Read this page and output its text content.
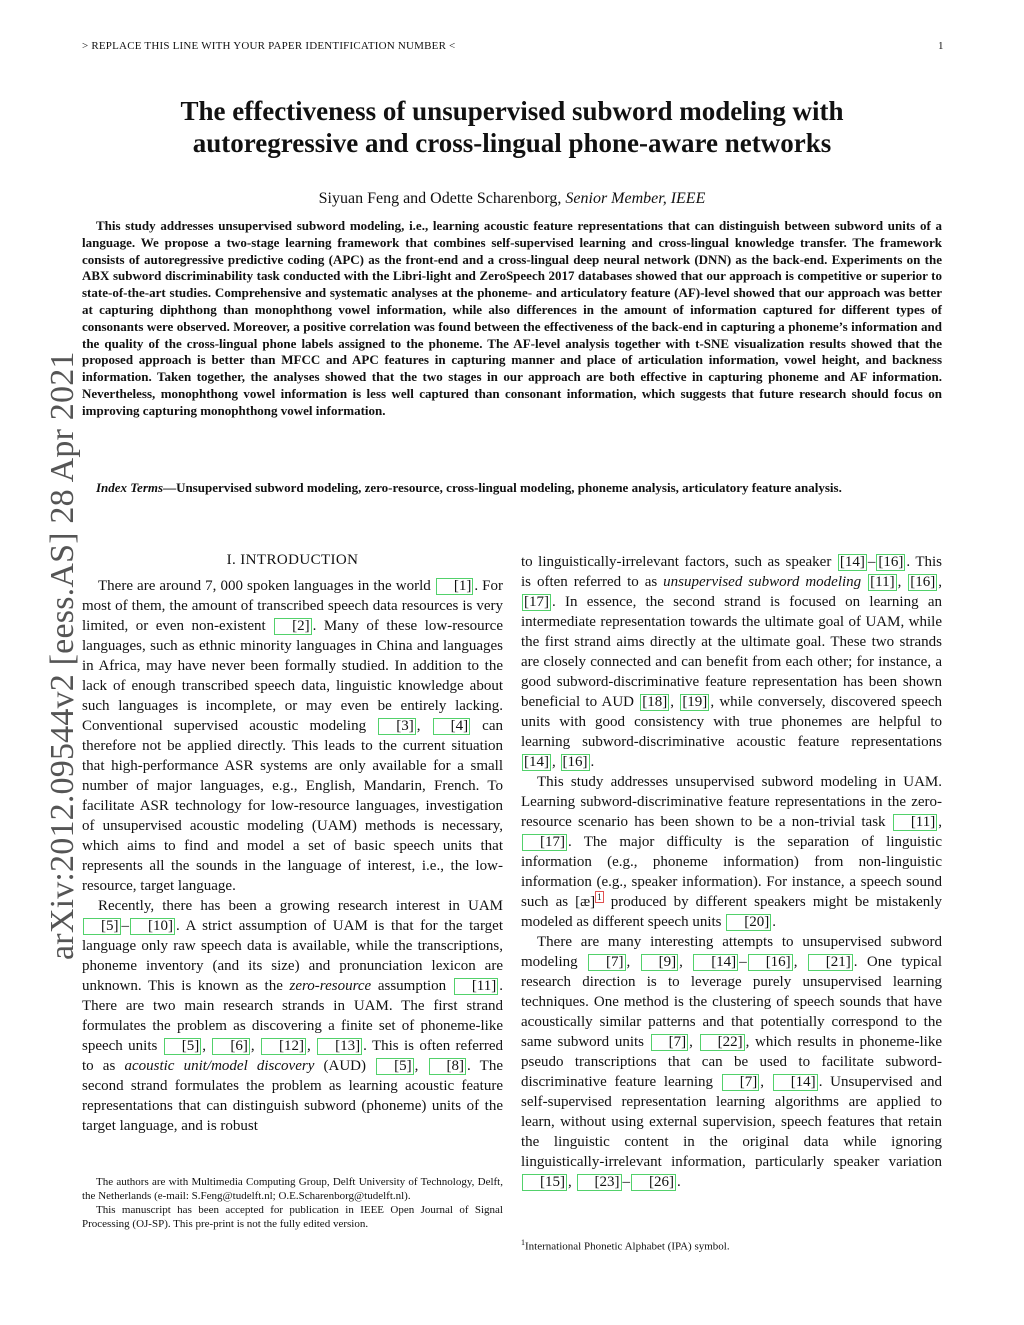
> REPLACE THIS LINE WITH YOUR PAPER IDENTIFICATION NUMBER <	1
arXiv:2012.09544v2 [eess.AS] 28 Apr 2021
The effectiveness of unsupervised subword modeling with
autoregressive and cross-lingual phone-aware networks
Siyuan Feng and Odette Scharenborg, Senior Member, IEEE

This study addresses unsupervised subword modeling, i.e., learning acoustic feature representations that can distinguish between subword units of a language. We propose a two-stage learning framework that combines self-supervised learning and cross-lingual knowledge transfer. The framework consists of autoregressive predictive coding (APC) as the front-end and a cross-lingual deep neural network (DNN) as the back-end. Experiments on the ABX subword discriminability task conducted with the Libri-light and ZeroSpeech 2017 databases showed that our approach is competitive or superior to state-of-the-art studies. Comprehensive and systematic analyses at the phoneme- and articulatory feature (AF)-level showed that our approach was better at capturing diphthong than monophthong vowel information, while also differences in the amount of information captured for different types of consonants were observed. Moreover, a positive correlation was found between the effectiveness of the back-end in capturing a phoneme’s information and the quality of the cross-lingual phone labels assigned to the phoneme. The AF-level analysis together with t-SNE visualization results showed that the proposed approach is better than MFCC and APC features in capturing manner and place of articulation information, vowel height, and backness information. Taken together, the analyses showed that the two stages in our approach are both effective in capturing phoneme and AF information. Nevertheless, monophthong vowel information is less well captured than consonant information, which suggests that future research should focus on improving capturing monophthong vowel information.

Index Terms—Unsupervised subword modeling, zero-resource, cross-lingual modeling, phoneme analysis, articulatory feature analysis.

I. INTRODUCTION

There are around 7, 000 spoken languages in the world [1] . For most of them, the amount of transcribed speech data resources is very limited, or even non-existent [2] . Many of these low-resource languages, such as ethnic minority languages in China and languages in Africa, may have never been formally studied. In addition to the lack of enough transcribed speech data, linguistic knowledge about such languages is incomplete, or may even be entirely lacking. Conventional supervised acoustic modeling [3] , [4] can therefore not be applied directly. This leads to the current situation that high-performance ASR systems are only available for a small number of major languages, e.g., English, Mandarin, French. To facilitate ASR technology for low-resource languages, investigation of unsupervised acoustic modeling (UAM) methods is necessary, which aims to find and model a set of basic speech units that represents all the sounds in the language of interest, i.e., the low-resource, target language.

Recently, there has been a growing research interest in UAM [5] – [10] . A strict assumption of UAM is that for the target language only raw speech data is available, while the transcriptions, phoneme inventory (and its size) and pronunciation lexicon are unknown. This is known as the zero-resource assumption [11] . There are two main research strands in UAM. The first strand formulates the problem as discovering a finite set of phoneme-like speech units [5] , [6] , [12] , [13] . This is often referred to as acoustic unit/model discovery (AUD) [5] , [8] . The second strand formulates the problem as learning acoustic feature representations that can distinguish subword (phoneme) units of the target language, and is robust

to linguistically-irrelevant factors, such as speaker [14] – [16] . This is often referred to as unsupervised subword modeling [11] , [16] , [17] . In essence, the second strand is focused on learning an intermediate representation towards the ultimate goal of UAM, while the first strand aims directly at the ultimate goal. These two strands are closely connected and can benefit from each other; for instance, a good subword-discriminative feature representation has been shown beneficial to AUD [18] , [19] , while conversely, discovered speech units with good consistency with true phonemes are helpful to learning subword-discriminative acoustic feature representations [14] , [16] .

This study addresses unsupervised subword modeling in UAM. Learning subword-discriminative feature representations in the zero-resource scenario has been shown to be a non-trivial task [11] , [17] . The major difficulty is the separation of linguistic information (e.g., phoneme information) from non-linguistic information (e.g., speaker information). For instance, a speech sound such as [æ] $^1$ produced by different speakers might be mistakenly modeled as different speech units [20] .

There are many interesting attempts to unsupervised subword modeling [7] , [9] , [14] – [16] , [21] . One typical research direction is to leverage purely unsupervised learning techniques. One method is the clustering of speech sounds that have acoustically similar patterns and that potentially correspond to the same subword units [7] , [22] , which results in phoneme-like pseudo transcriptions that can be used to facilitate subword-discriminative feature learning [7] , [14] . Unsupervised and self-supervised representation learning algorithms are applied to learn, without using external supervision, speech features that retain the linguistic content in the original data while ignoring linguistically-irrelevant information, particularly speaker variation [15] , [23] – [26] .

The authors are with Multimedia Computing Group, Delft University of Technology, Delft, the Netherlands (e-mail: S.Feng@tudelft.nl; O.E.Scharenborg@tudelft.nl).

This manuscript has been accepted for publication in IEEE Open Journal of Signal Processing (OJ-SP). This pre-print is not the fully edited version.

$^1$International Phonetic Alphabet (IPA) symbol.
